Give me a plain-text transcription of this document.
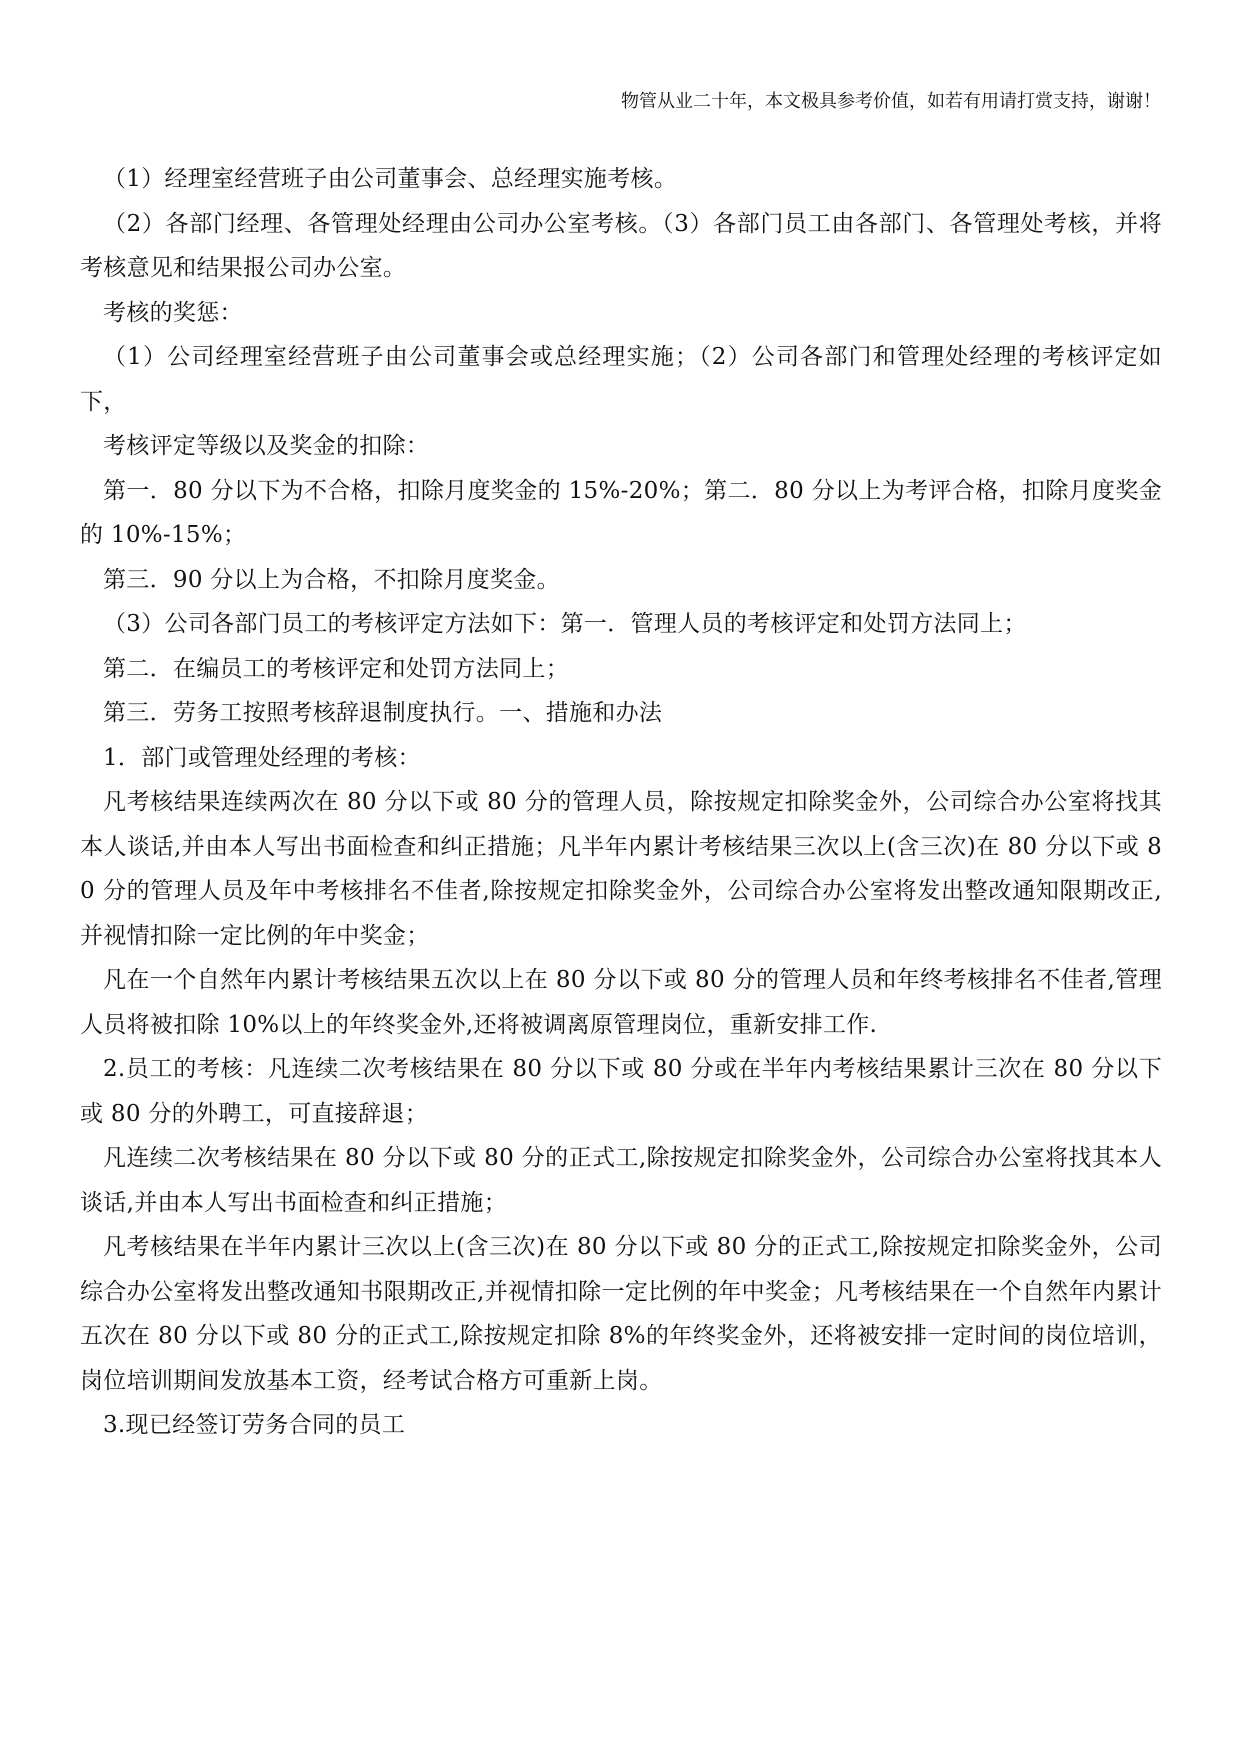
物管从业二十年，本文极具参考价值，如若有用请打赏支持，谢谢！

（1）经理室经营班子由公司董事会、总经理实施考核。

（2）各部门经理、各管理处经理由公司办公室考核。（3）各部门员工由各部门、各管理处考核，并将考核意见和结果报公司办公室。

考核的奖惩：

（1）公司经理室经营班子由公司董事会或总经理实施；（2）公司各部门和管理处经理的考核评定如下，

考核评定等级以及奖金的扣除：

第一．80 分以下为不合格，扣除月度奖金的 15%-20%；第二．80 分以上为考评合格，扣除月度奖金的 10%-15%；

第三．90 分以上为合格，不扣除月度奖金。

（3）公司各部门员工的考核评定方法如下：第一．管理人员的考核评定和处罚方法同上；

第二．在编员工的考核评定和处罚方法同上；

第三．劳务工按照考核辞退制度执行。一、措施和办法

1．部门或管理处经理的考核：

凡考核结果连续两次在 80 分以下或 80 分的管理人员，除按规定扣除奖金外，公司综合办公室将找其本人谈话,并由本人写出书面检查和纠正措施；凡半年内累计考核结果三次以上(含三次)在 80 分以下或 80 分的管理人员及年中考核排名不佳者,除按规定扣除奖金外，公司综合办公室将发出整改通知限期改正,并视情扣除一定比例的年中奖金；

凡在一个自然年内累计考核结果五次以上在 80 分以下或 80 分的管理人员和年终考核排名不佳者,管理人员将被扣除 10%以上的年终奖金外,还将被调离原管理岗位，重新安排工作.

2.员工的考核：凡连续二次考核结果在 80 分以下或 80 分或在半年内考核结果累计三次在 80 分以下或 80 分的外聘工，可直接辞退；

凡连续二次考核结果在 80 分以下或 80 分的正式工,除按规定扣除奖金外，公司综合办公室将找其本人谈话,并由本人写出书面检查和纠正措施；

凡考核结果在半年内累计三次以上(含三次)在 80 分以下或 80 分的正式工,除按规定扣除奖金外，公司综合办公室将发出整改通知书限期改正,并视情扣除一定比例的年中奖金；凡考核结果在一个自然年内累计五次在 80 分以下或 80 分的正式工,除按规定扣除 8%的年终奖金外，还将被安排一定时间的岗位培训，岗位培训期间发放基本工资，经考试合格方可重新上岗。

3.现已经签订劳务合同的员工
